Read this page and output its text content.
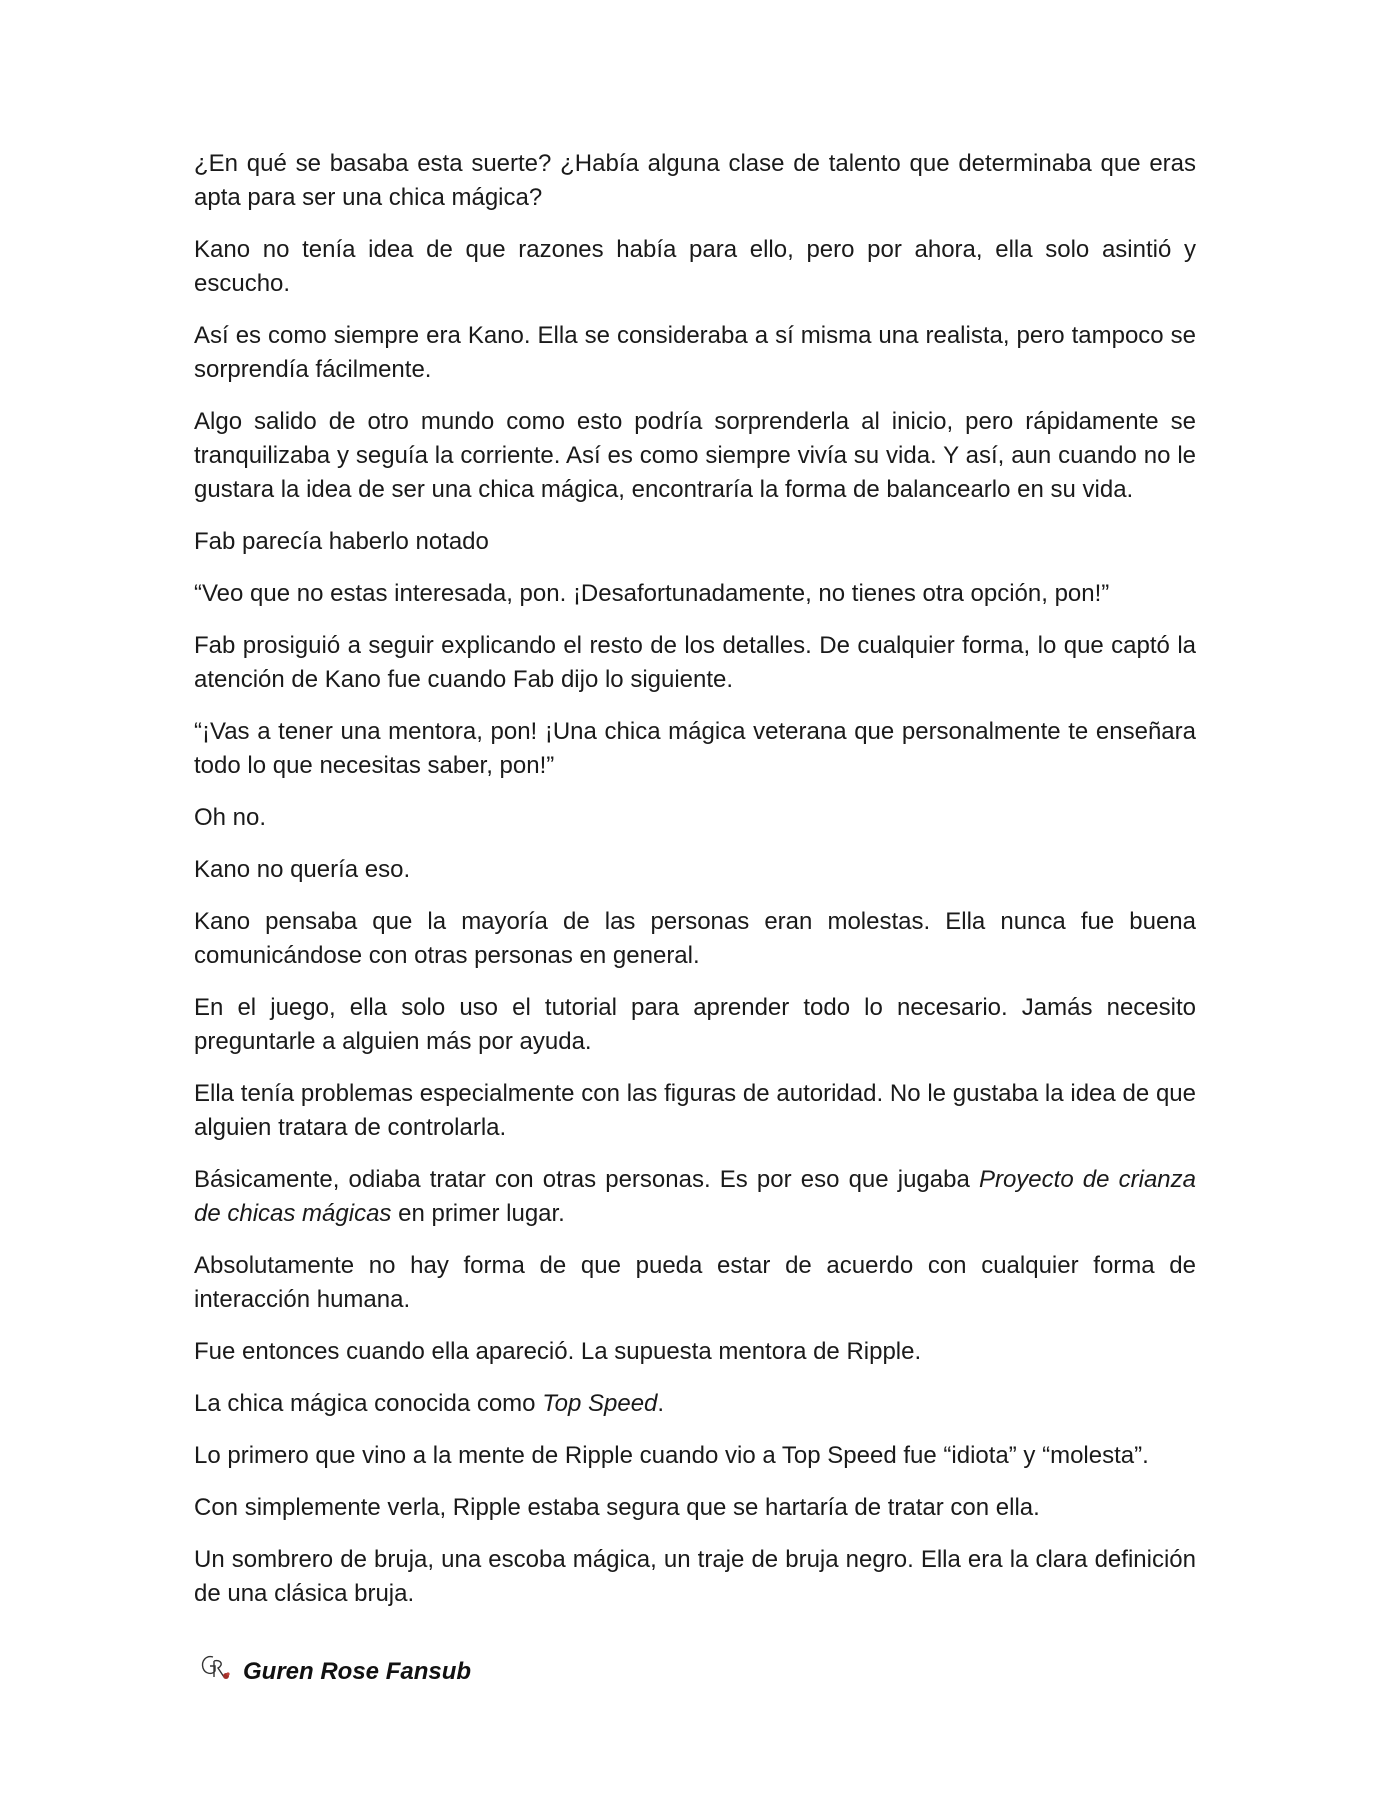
¿En qué se basaba esta suerte? ¿Había alguna clase de talento que determinaba que eras apta para ser una chica mágica?

Kano no tenía idea de que razones había para ello, pero por ahora, ella solo asintió y escucho.

Así es como siempre era Kano. Ella se consideraba a sí misma una realista, pero tampoco se sorprendía fácilmente.

Algo salido de otro mundo como esto podría sorprenderla al inicio, pero rápidamente se tranquilizaba y seguía la corriente. Así es como siempre vivía su vida. Y así, aun cuando no le gustara la idea de ser una chica mágica, encontraría la forma de balancearlo en su vida.

Fab parecía haberlo notado

“Veo que no estas interesada, pon. ¡Desafortunadamente, no tienes otra opción, pon!”

Fab prosiguió a seguir explicando el resto de los detalles. De cualquier forma, lo que captó la atención de Kano fue cuando Fab dijo lo siguiente.

“¡Vas a tener una mentora, pon! ¡Una chica mágica veterana que personalmente te enseñara todo lo que necesitas saber, pon!”

Oh no.

Kano no quería eso.

Kano pensaba que la mayoría de las personas eran molestas. Ella nunca fue buena comunicándose con otras personas en general.

En el juego, ella solo uso el tutorial para aprender todo lo necesario. Jamás necesito preguntarle a alguien más por ayuda.

Ella tenía problemas especialmente con las figuras de autoridad. No le gustaba la idea de que alguien tratara de controlarla.

Básicamente, odiaba tratar con otras personas. Es por eso que jugaba Proyecto de crianza de chicas mágicas en primer lugar.

Absolutamente no hay forma de que pueda estar de acuerdo con cualquier forma de interacción humana.

Fue entonces cuando ella apareció. La supuesta mentora de Ripple.

La chica mágica conocida como Top Speed.

Lo primero que vino a la mente de Ripple cuando vio a Top Speed fue “idiota” y “molesta”.

Con simplemente verla, Ripple estaba segura que se hartaría de tratar con ella.

Un sombrero de bruja, una escoba mágica, un traje de bruja negro. Ella era la clara definición de una clásica bruja.

Guren Rose Fansub
